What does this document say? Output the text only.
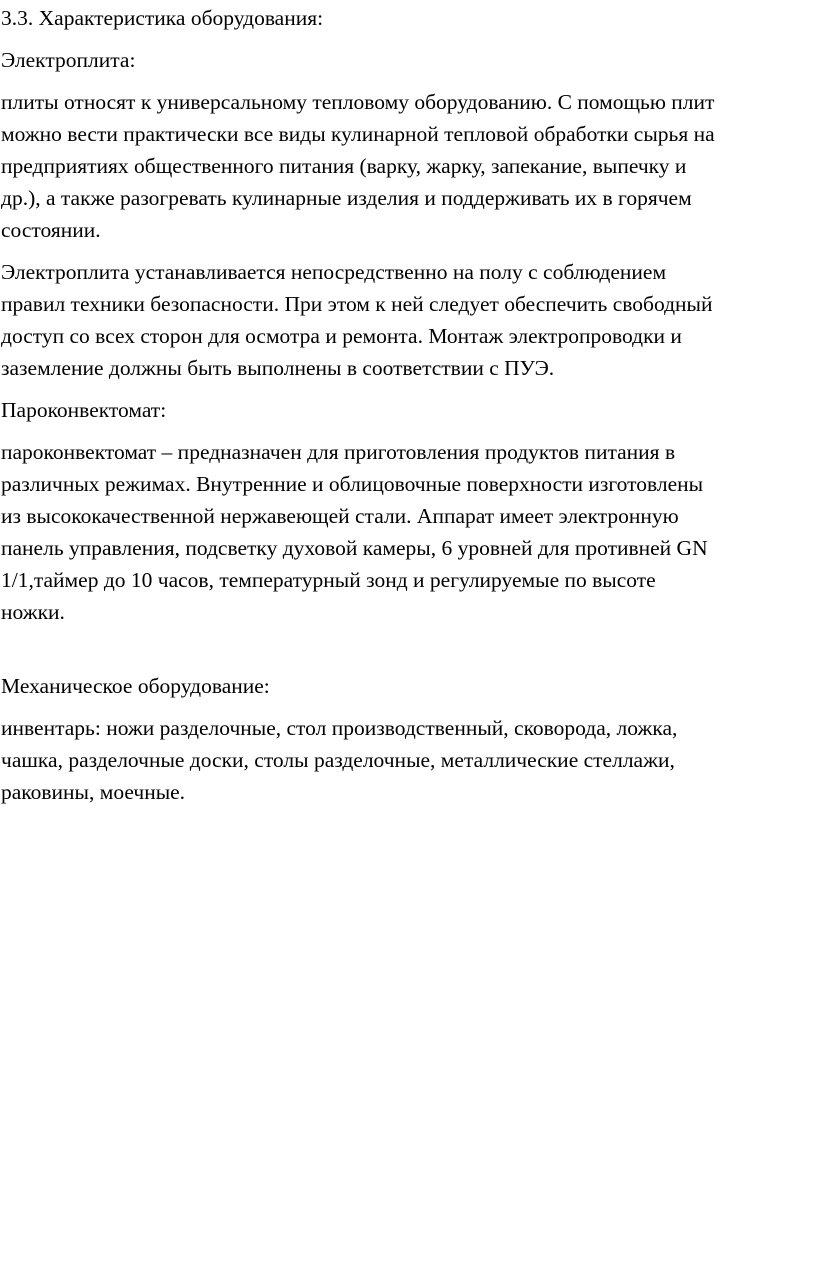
3.3. Характеристика оборудования:

Электроплита:

плиты относят к универсальному тепловому оборудованию. С помощью плит

можно вести практически все виды кулинарной тепловой обработки сырья на

предприятиях общественного питания (варку, жарку, запекание, выпечку и

др.), а также разогревать кулинарные изделия и поддерживать их в горячем

состоянии.

Электроплита устанавливается непосредственно на полу с соблюдением

правил техники безопасности. При этом к ней следует обеспечить свободный

доступ со всех сторон для осмотра и ремонта. Монтаж электропроводки и

заземление должны быть выполнены в соответствии с ПУЭ.

Пароконвектомат:

пароконвектомат – предназначен для приготовления продуктов питания в

различных режимах. Внутренние и облицовочные поверхности изготовлены

из высококачественной нержавеющей стали. Аппарат имеет электронную

панель управления, подсветку духовой камеры, 6 уровней для противней GN

1/1,таймер до 10 часов, температурный зонд и регулируемые по высоте

ножки.

Механическое оборудование:

инвентарь: ножи разделочные, стол производственный, сковорода, ложка,

чашка, разделочные доски, столы разделочные, металлические стеллажи,

раковины, моечные.
